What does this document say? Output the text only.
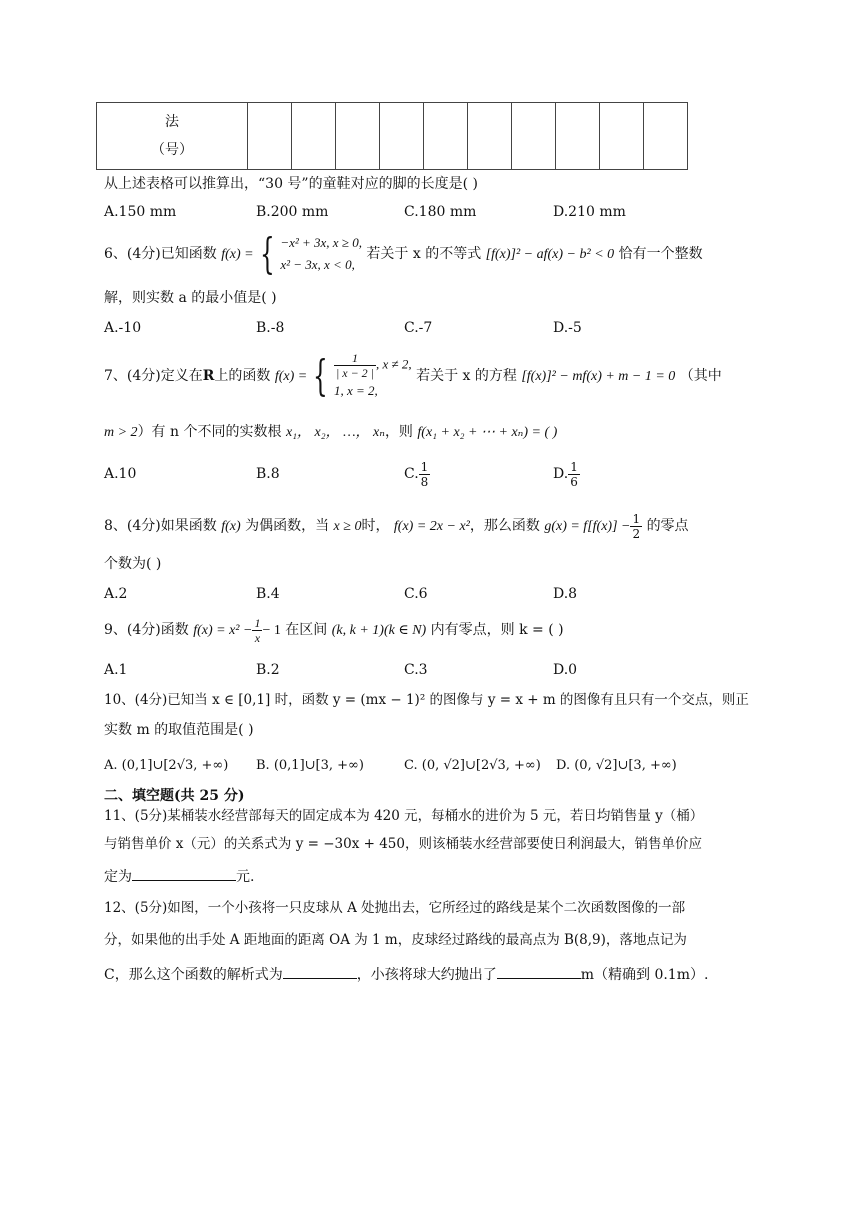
法
（号）

从上述表格可以推算出，“30 号”的童鞋对应的脚的长度是( )
A.150 mm	B.200 mm	C.180 mm	D.210 mm
6、(4分)已知函数 f(x) = { −x² + 3x, x ≥ 0,
x² − 3x, x < 0,
若关于 x 的不等式 [f(x)]² − af(x) − b² < 0 恰有一个整数
解，则实数 a 的最小值是( )
A.-10	B.-8	C.-7	D.-5
7、(4分)定义在R上的函数 f(x) = { $\frac{1}{| x - 2 |}$ , x ≠ 2,
1, x = 2,
若关于 x 的方程 [f(x)]² − mf(x) + m − 1 = 0 （其中
m > 2）有 n 个不同的实数根 x₁， x₂， …， xₙ，则 f(x₁ + x₂ + ⋯ + xₙ) = ( )
A.10	B.8	C. $\frac{1}{8}$	D. $\frac{1}{6}$
8、(4分)如果函数 f(x) 为偶函数，当 x ≥ 0时， f(x) = 2x − x²，那么函数 $g(x) = f[f(x)] - \frac{1}{2}$ 的零点
个数为( )
A.2	B.4	C.6	D.8
9、(4分)函数 $f(x) = x^2 - \frac{1}{x} - 1$ 在区间 (k, k + 1)(k ∈ N) 内有零点，则 k = ( )
A.1	B.2	C.3	D.0
10、(4分)已知当 x ∈ [0,1] 时，函数 y = (mx − 1)² 的图像与 y = x + m 的图像有且只有一个交点，则正
实数 m 的取值范围是( )
A. (0,1]∪[2√3, +∞) B. (0,1]∪[3, +∞)	C. (0, √2]∪[2√3, +∞) D. (0, √2]∪[3, +∞)
二、填空题(共 25 分)
11、(5分)某桶装水经营部每天的固定成本为 420 元，每桶水的进价为 5 元，若日均销售量 y（桶）
与销售单价 x（元）的关系式为 y = −30x + 450，则该桶装水经营部要使日利润最大，销售单价应
定为	元.
12、(5分)如图，一个小孩将一只皮球从 A 处抛出去，它所经过的路线是某个二次函数图像的一部
分，如果他的出手处 A 距地面的距离 OA 为 1 m，皮球经过路线的最高点为 B(8,9)，落地点记为
C，那么这个函数的解析式为	，小孩将球大约抛出了	m（精确到 0.1m）.
